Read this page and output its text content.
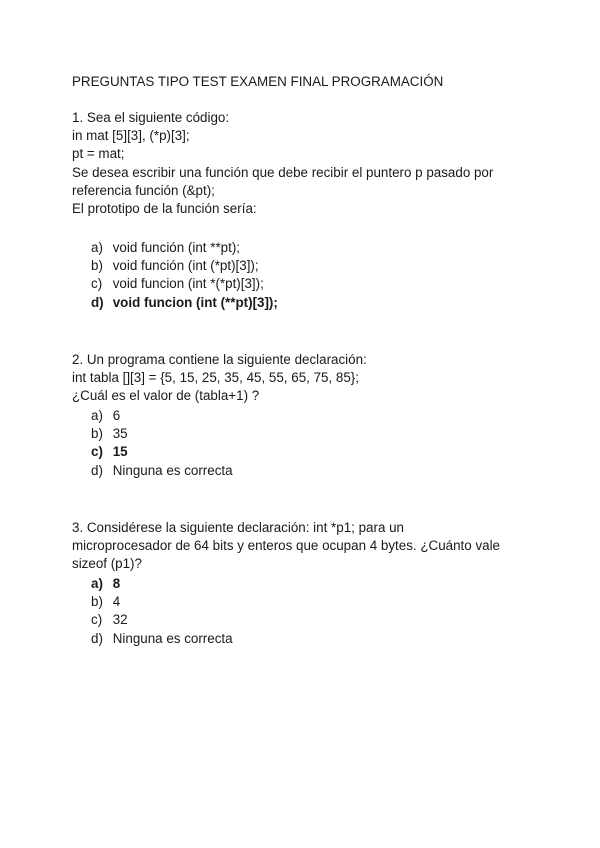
PREGUNTAS TIPO TEST EXAMEN FINAL PROGRAMACIÓN
1. Sea el siguiente código:
in mat [5][3], (*p)[3];
pt = mat;
Se desea escribir una función que debe recibir el puntero p pasado por
referencia función (&pt);
El prototipo de la función sería:
a) void función (int **pt);
b) void función (int (*pt)[3]);
c) void funcion (int *(*pt)[3]);
d) void funcion (int (**pt)[3]);
2. Un programa contiene la siguiente declaración:
int tabla [][3] = {5, 15, 25, 35, 45, 55, 65, 75, 85};
¿Cuál es el valor de (tabla+1) ?
a) 6
b) 35
c) 15
d) Ninguna es correcta
3. Considérese la siguiente declaración: int *p1; para un
microprocesador de 64 bits y enteros que ocupan 4 bytes. ¿Cuánto vale
sizeof (p1)?
a) 8
b) 4
c) 32
d) Ninguna es correcta
